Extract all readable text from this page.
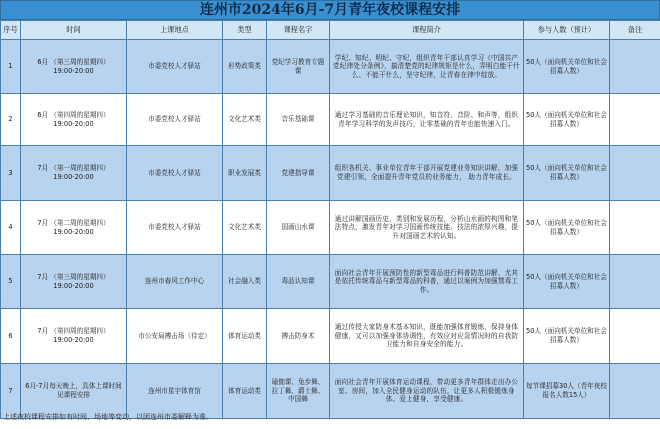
连州市2024年6月-7月青年夜校课程安排
序号	时间	上课地点	类型	课程名字	课程简介	参与人数（预计）	备注
1	6月 （第三周的星期四）
19:00-20:00	市委党校人才驿站	形势政策类	党纪学习教育专题课	学纪、知纪、明纪、守纪，组织青年干部认真学习《中国共产党纪律处分条例》，搞清楚党的纪律规矩是什么，弄明白能干什么、不能干什么，坚守纪律，让青春在律中绽放。	50人（面向机关单位和社会招募人数）	
2	6月 （第四周的星期四）
19:00-20:00	市委党校人才驿站	文化艺术类	音乐基础课	通过学习基础的音乐理论知识，知音符、音阶、和声等，组织青年学习科学的发声技巧，让零基础的青年也能快速入门。	50人（面向机关单位和社会招募人数）	
3	7月 （第一周的星期四）
19:00-20:00	市委党校人才驿站	职业发展类	党建指导课	组织各机关、事业单位青年干部开展党建业务知识讲解，加强党建引领，全面提升青年党员的业务能力， 助力青年成长。	50人（面向机关单位和社会招募人数）	
4	7月 （第二周的星期四）
19:00-20:00	市委党校人才驿站	文化艺术类	国画山水课	通过讲解国画历史、类别和发展历程，分析山水画的构图和笔法特点，激发青年对学习国画传统技能、技法的浓厚兴趣，提升对国画艺术的认知。	50人（面向机关单位和社会招募人数）	
5	7月 （第三周的星期四）
19:00-20:00	连州市春风工作中心	社会融入类	毒品认知课	面向社会青年开展预防性的新型毒品进行科普防范讲解，尤其是依托传统毒品与新型毒品的科普，通过以案例为加强禁毒工作。	50人（面向机关单位和社会招募人数）	
6	7月 （第四周的星期四）
19:00-20:00	市公安局搏击场（待定）	体育运动类	搏击防身术	通过传授大家防身术基本知识，既能加强体育锻炼，保持身体健康，又可以加强身体协调性，有效应对应急情况时的自我防卫能力和自身安全的能力。	50人（面向机关单位和社会招募人数）	
7	6月-7月每天晚上，具体上课时间见课程安排	连州市星宇体育馆	体育运动类	瑜伽课、兔步舞、拉丁舞、爵士舞、中国舞	面向社会青年开展体育运动课程，带动更多青年群体走出办公室、房间，加入全民健身运动的队伍，让更多人积极锻炼身体、爱上健身，享受健康。	每节课招募30人（青年夜校报名人数15人）	
上述夜校课程安排如有时间、场地等变动，以团连州市委解释为准。
